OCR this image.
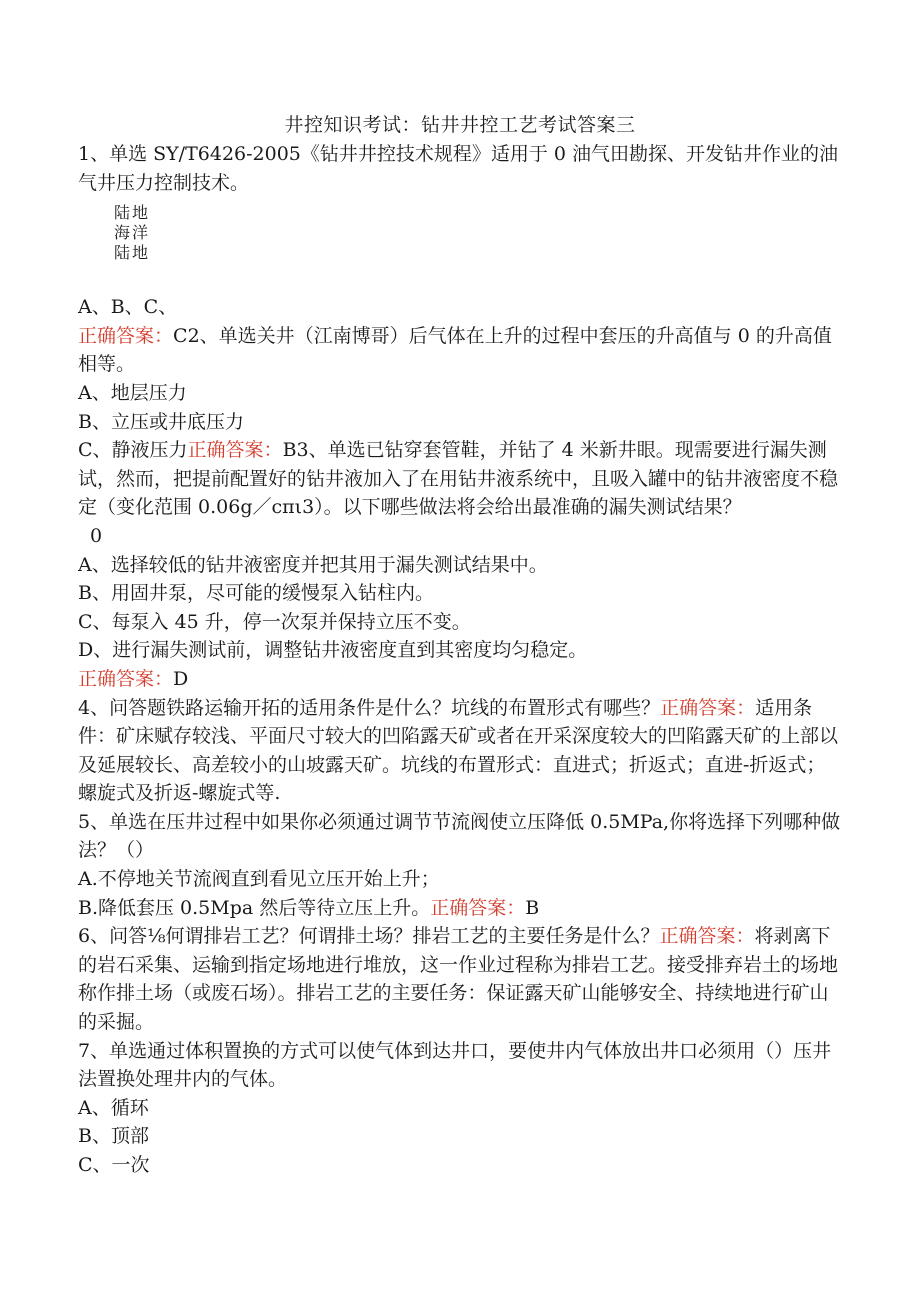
井控知识考试：钻井井控工艺考试答案三

1、单选 SY/T6426-2005《钻井井控技术规程》适用于 0 油气田勘探、开发钻井作业的油气井压力控制技术。

陆地
海洋
陆地

A、B、C、

正确答案：C2、单选关井（江南博哥）后气体在上升的过程中套压的升高值与 0 的升高值相等。

A、地层压力

B、立压或井底压力

C、静液压力正确答案：B3、单选已钻穿套管鞋，并钻了 4 米新井眼。现需要进行漏失测试，然而，把提前配置好的钻井液加入了在用钻井液系统中，且吸入罐中的钻井液密度不稳定（变化范围 0.06g／cπι3）。以下哪些做法将会给出最准确的漏失测试结果？

0

A、选择较低的钻井液密度并把其用于漏失测试结果中。

B、用固井泵，尽可能的缓慢泵入钻柱内。

C、每泵入 45 升，停一次泵并保持立压不变。

D、进行漏失测试前，调整钻井液密度直到其密度均匀稳定。

正确答案：D

4、问答题铁路运输开拓的适用条件是什么？坑线的布置形式有哪些？正确答案：适用条件：矿床赋存较浅、平面尺寸较大的凹陷露天矿或者在开采深度较大的凹陷露天矿的上部以及延展较长、高差较小的山坡露天矿。坑线的布置形式：直进式；折返式；直进-折返式；螺旋式及折返-螺旋式等.

5、单选在压井过程中如果你必须通过调节节流阀使立压降低 0.5MPa,你将选择下列哪种做法？（）

A.不停地关节流阀直到看见立压开始上升；

B.降低套压 0.5Mpa 然后等待立压上升。正确答案：B

6、问答⅛何谓排岩工艺？何谓排土场？排岩工艺的主要任务是什么？正确答案：将剥离下的岩石采集、运输到指定场地进行堆放，这一作业过程称为排岩工艺。接受排弃岩土的场地称作排土场（或废石场）。排岩工艺的主要任务：保证露天矿山能够安全、持续地进行矿山的采掘。

7、单选通过体积置换的方式可以使气体到达井口，要使井内气体放出井口必须用（）压井法置换处理井内的气体。

A、循环

B、顶部

C、一次
